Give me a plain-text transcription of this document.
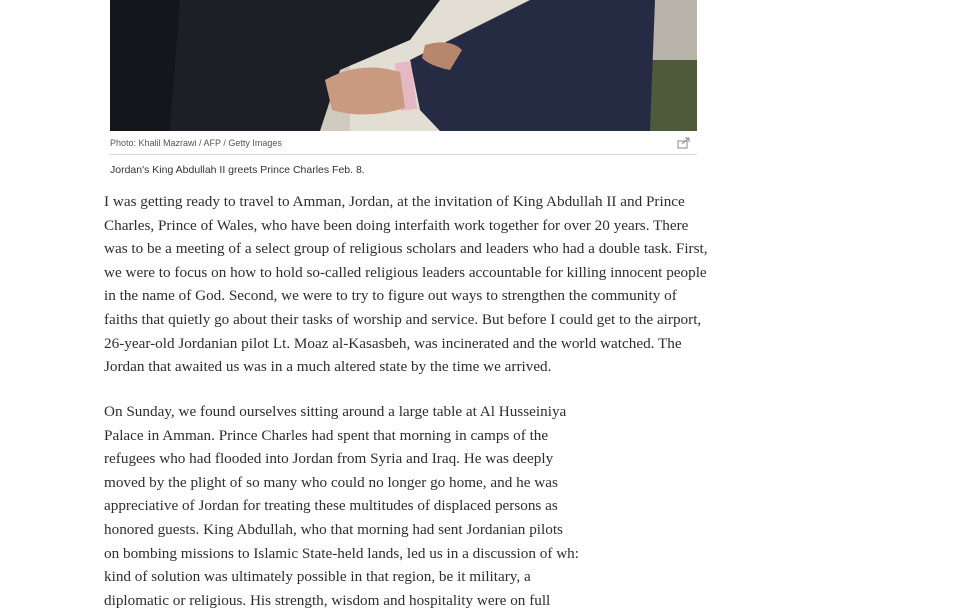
Photo: Khalil Mazrawi / AFP / Getty Images
Jordan's King Abdullah II greets Prince Charles Feb. 8.

I was getting ready to travel to Amman, Jordan, at the invitation of King Abdullah II and Prince
Charles, Prince of Wales, who have been doing interfaith work together for over 20 years. There
was to be a meeting of a select group of religious scholars and leaders who had a double task. First,
we were to focus on how to hold so-called religious leaders accountable for killing innocent people
in the name of God. Second, we were to try to figure out ways to strengthen the community of
faiths that quietly go about their tasks of worship and service. But before I could get to the airport,
26-year-old Jordanian pilot Lt. Moaz al-Kasasbeh, was incinerated and the world watched. The
Jordan that awaited us was in a much altered state by the time we arrived.

On Sunday, we found ourselves sitting around a large table at Al Husseiniya
Palace in Amman. Prince Charles had spent that morning in camps of the
refugees who had flooded into Jordan from Syria and Iraq. He was deeply
moved by the plight of so many who could no longer go home, and he was
appreciative of Jordan for treating these multitudes of displaced persons as
honored guests. King Abdullah, who that morning had sent Jordanian pilots
on bombing missions to Islamic State-held lands, led us in a discussion of wh:
kind of solution was ultimately possible in that region, be it military, a
diplomatic or religious. His strength, wisdom and hospitality were on full
